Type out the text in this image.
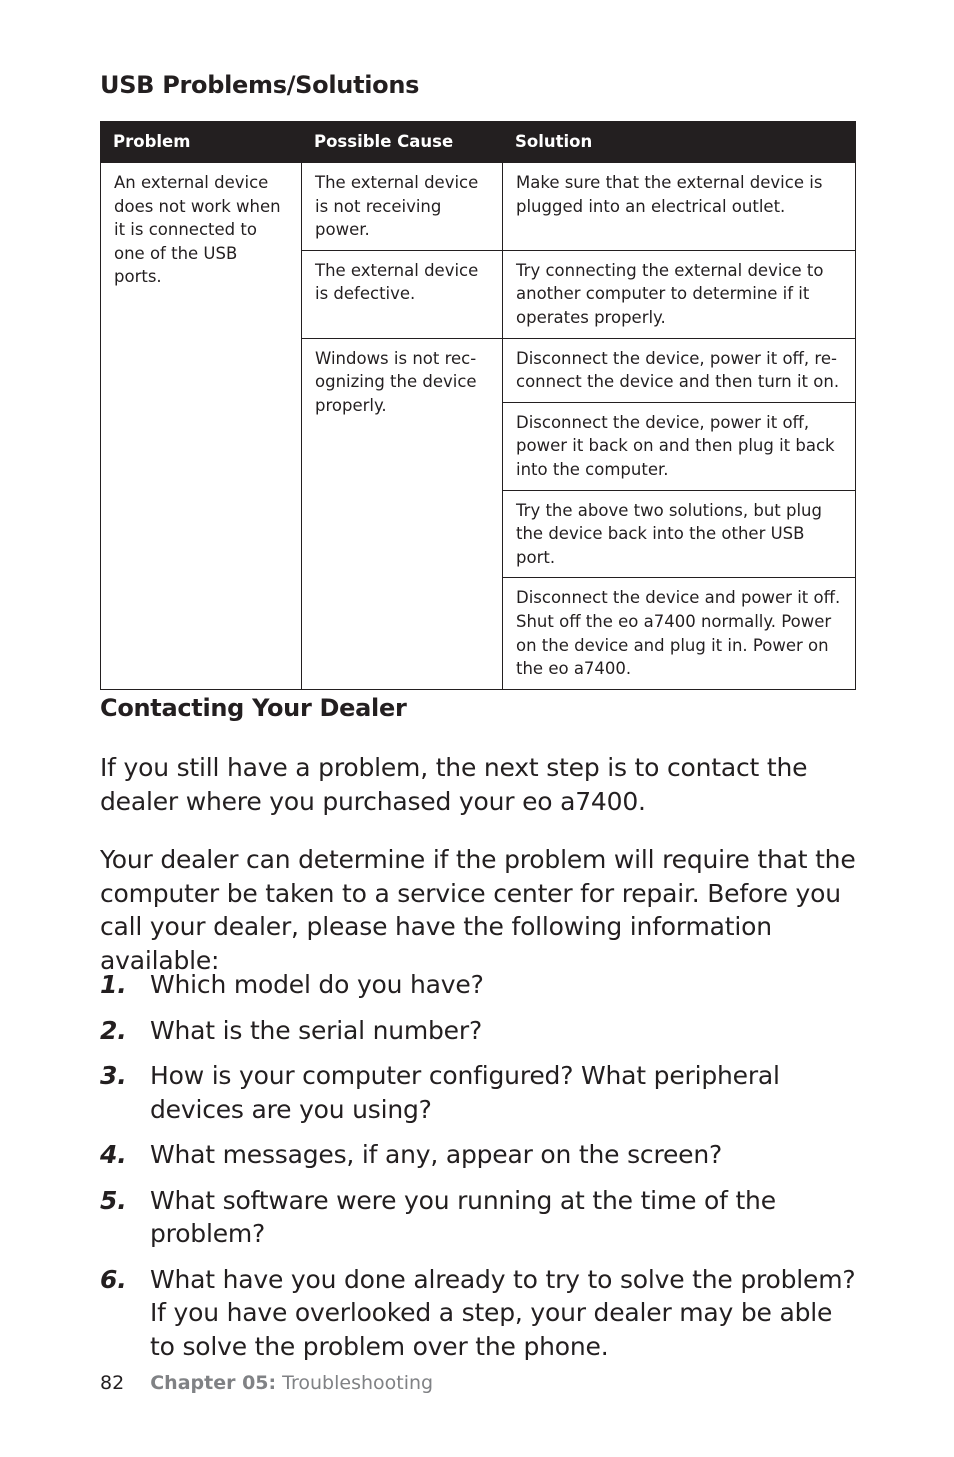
USB Problems/Solutions
Problem	Possible Cause	Solution
An external device does not work when it is connected to one of the USB ports.	The external device is not receiving power.	Make sure that the external device is plugged into an electrical outlet.
	The external device is defective.	Try connecting the external device to another computer to determine if it operates properly.
	Windows is not rec-ognizing the device properly.	Disconnect the device, power it off, re-connect the device and then turn it on.
		Disconnect the device, power it off, power it back on and then plug it back into the computer.
		Try the above two solutions, but plug the device back into the other USB port.
		Disconnect the device and power it off. Shut off the eo a7400 normally. Power on the device and plug it in. Power on the eo a7400.
Contacting Your Dealer

If you still have a problem, the next step is to contact the dealer where you purchased your eo a7400.

Your dealer can determine if the problem will require that the computer be taken to a service center for repair. Before you call your dealer, please have the following information available:

1. Which model do you have?
2. What is the serial number?
3. How is your computer configured? What peripheral devices are you using?
4. What messages, if any, appear on the screen?
5. What software were you running at the time of the problem?
6. What have you done already to try to solve the problem? If you have overlooked a step, your dealer may be able to solve the problem over the phone.
82 Chapter 05: Troubleshooting
